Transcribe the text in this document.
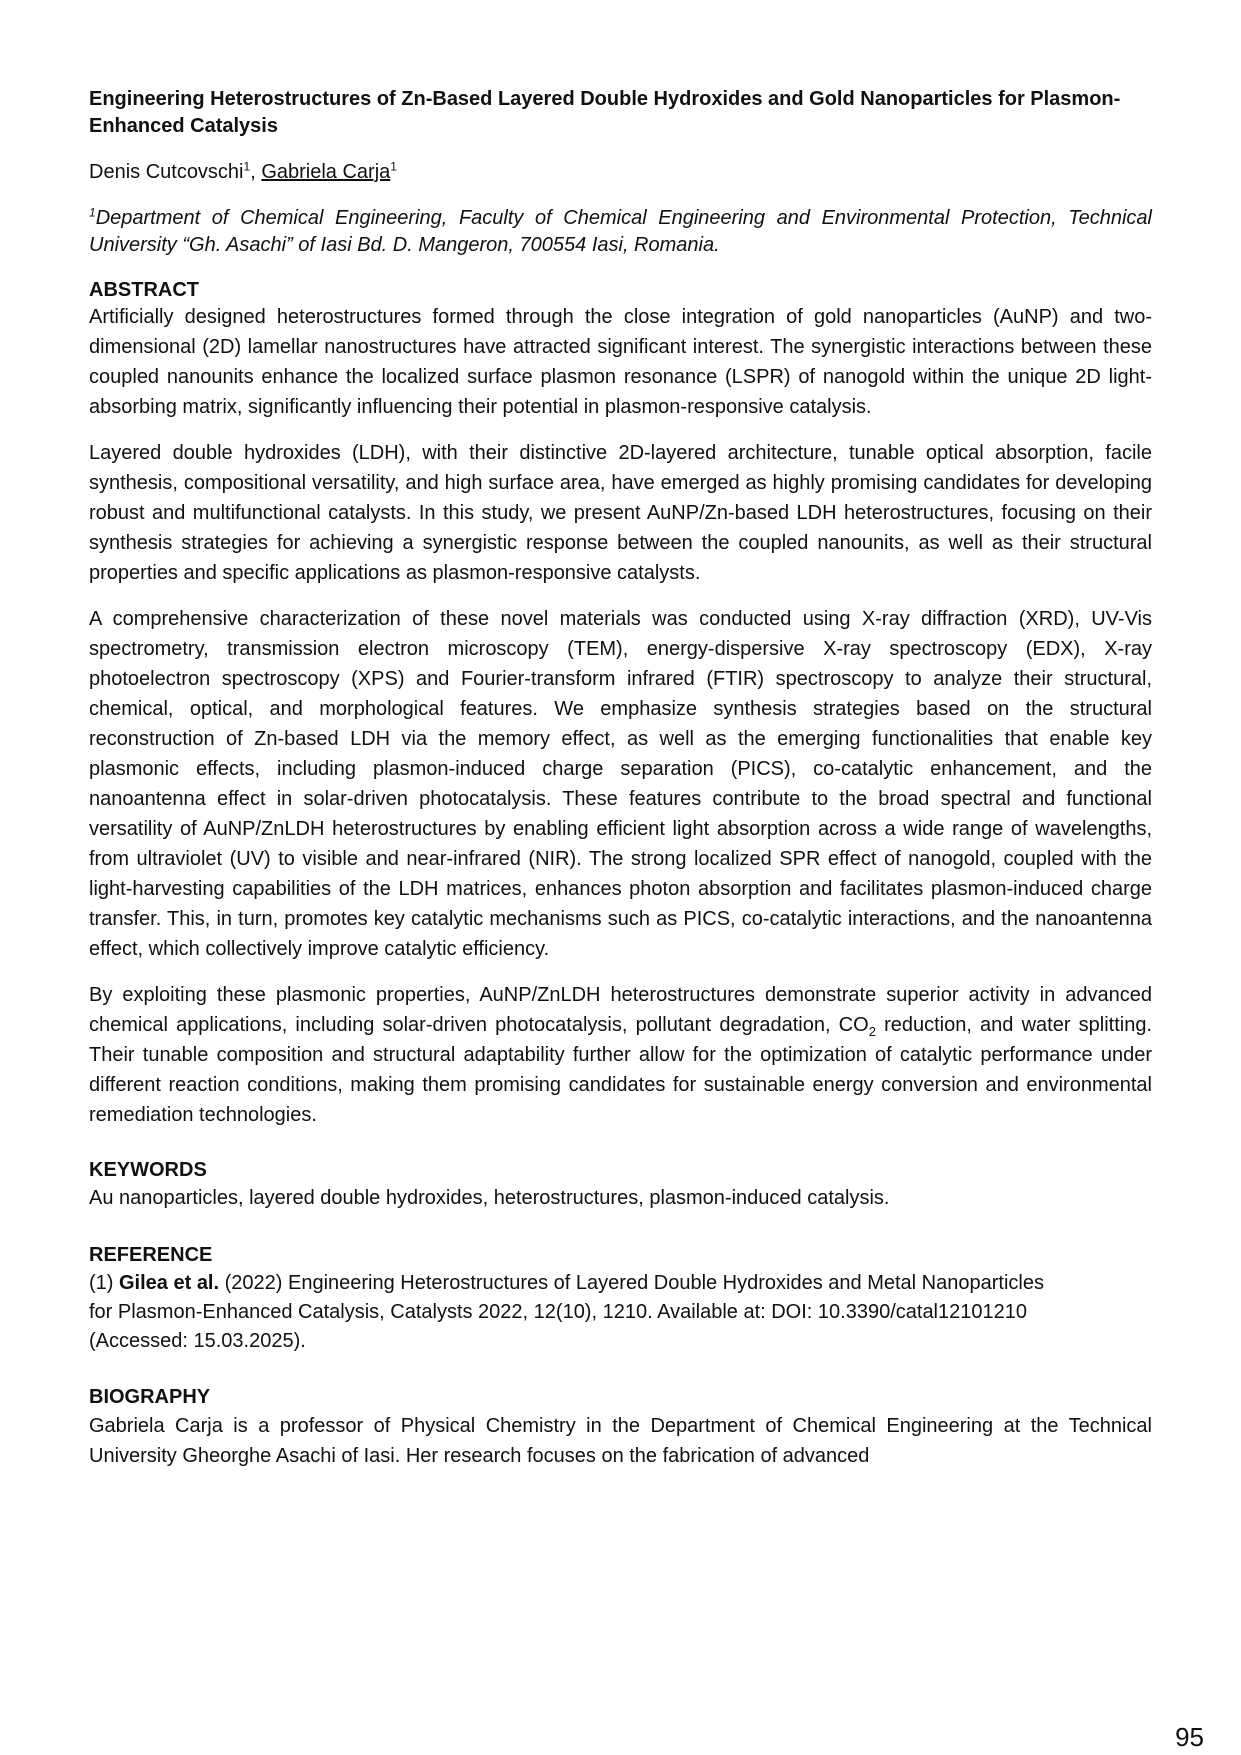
Engineering Heterostructures of Zn-Based Layered Double Hydroxides and Gold Nanoparticles for Plasmon-Enhanced Catalysis
Denis Cutcovschi$^1$, Gabriela Carja$^1$
$^1$Department of Chemical Engineering, Faculty of Chemical Engineering and Environmental Protection, Technical University “Gh. Asachi” of Iasi Bd. D. Mangeron, 700554 Iasi, Romania.
ABSTRACT

Artificially designed heterostructures formed through the close integration of gold nanoparticles (AuNP) and two-dimensional (2D) lamellar nanostructures have attracted significant interest. The synergistic interactions between these coupled nanounits enhance the localized surface plasmon resonance (LSPR) of nanogold within the unique 2D light-absorbing matrix, significantly influencing their potential in plasmon-responsive catalysis.

Layered double hydroxides (LDH), with their distinctive 2D-layered architecture, tunable optical absorption, facile synthesis, compositional versatility, and high surface area, have emerged as highly promising candidates for developing robust and multifunctional catalysts. In this study, we present AuNP/Zn-based LDH heterostructures, focusing on their synthesis strategies for achieving a synergistic response between the coupled nanounits, as well as their structural properties and specific applications as plasmon-responsive catalysts.

A comprehensive characterization of these novel materials was conducted using X-ray diffraction (XRD), UV-Vis spectrometry, transmission electron microscopy (TEM), energy-dispersive X-ray spectroscopy (EDX), X-ray photoelectron spectroscopy (XPS) and Fourier-transform infrared (FTIR) spectroscopy to analyze their structural, chemical, optical, and morphological features. We emphasize synthesis strategies based on the structural reconstruction of Zn-based LDH via the memory effect, as well as the emerging functionalities that enable key plasmonic effects, including plasmon-induced charge separation (PICS), co-catalytic enhancement, and the nanoantenna effect in solar-driven photocatalysis. These features contribute to the broad spectral and functional versatility of AuNP/ZnLDH heterostructures by enabling efficient light absorption across a wide range of wavelengths, from ultraviolet (UV) to visible and near-infrared (NIR). The strong localized SPR effect of nanogold, coupled with the light-harvesting capabilities of the LDH matrices, enhances photon absorption and facilitates plasmon-induced charge transfer. This, in turn, promotes key catalytic mechanisms such as PICS, co-catalytic interactions, and the nanoantenna effect, which collectively improve catalytic efficiency.

By exploiting these plasmonic properties, AuNP/ZnLDH heterostructures demonstrate superior activity in advanced chemical applications, including solar-driven photocatalysis, pollutant degradation, $CO_2$ reduction, and water splitting. Their tunable composition and structural adaptability further allow for the optimization of catalytic performance under different reaction conditions, making them promising candidates for sustainable energy conversion and environmental remediation technologies.

KEYWORDS

Au nanoparticles, layered double hydroxides, heterostructures, plasmon-induced catalysis.

REFERENCE
(1) Gilea et al. (2022) Engineering Heterostructures of Layered Double Hydroxides and Metal Nanoparticles
for Plasmon-Enhanced Catalysis, Catalysts 2022, 12(10), 1210. Available at: DOI: 10.3390/catal12101210
(Accessed: 15.03.2025).
BIOGRAPHY

Gabriela Carja is a professor of Physical Chemistry in the Department of Chemical Engineering at the Technical University Gheorghe Asachi of Iasi. Her research focuses on the fabrication of advanced

95
